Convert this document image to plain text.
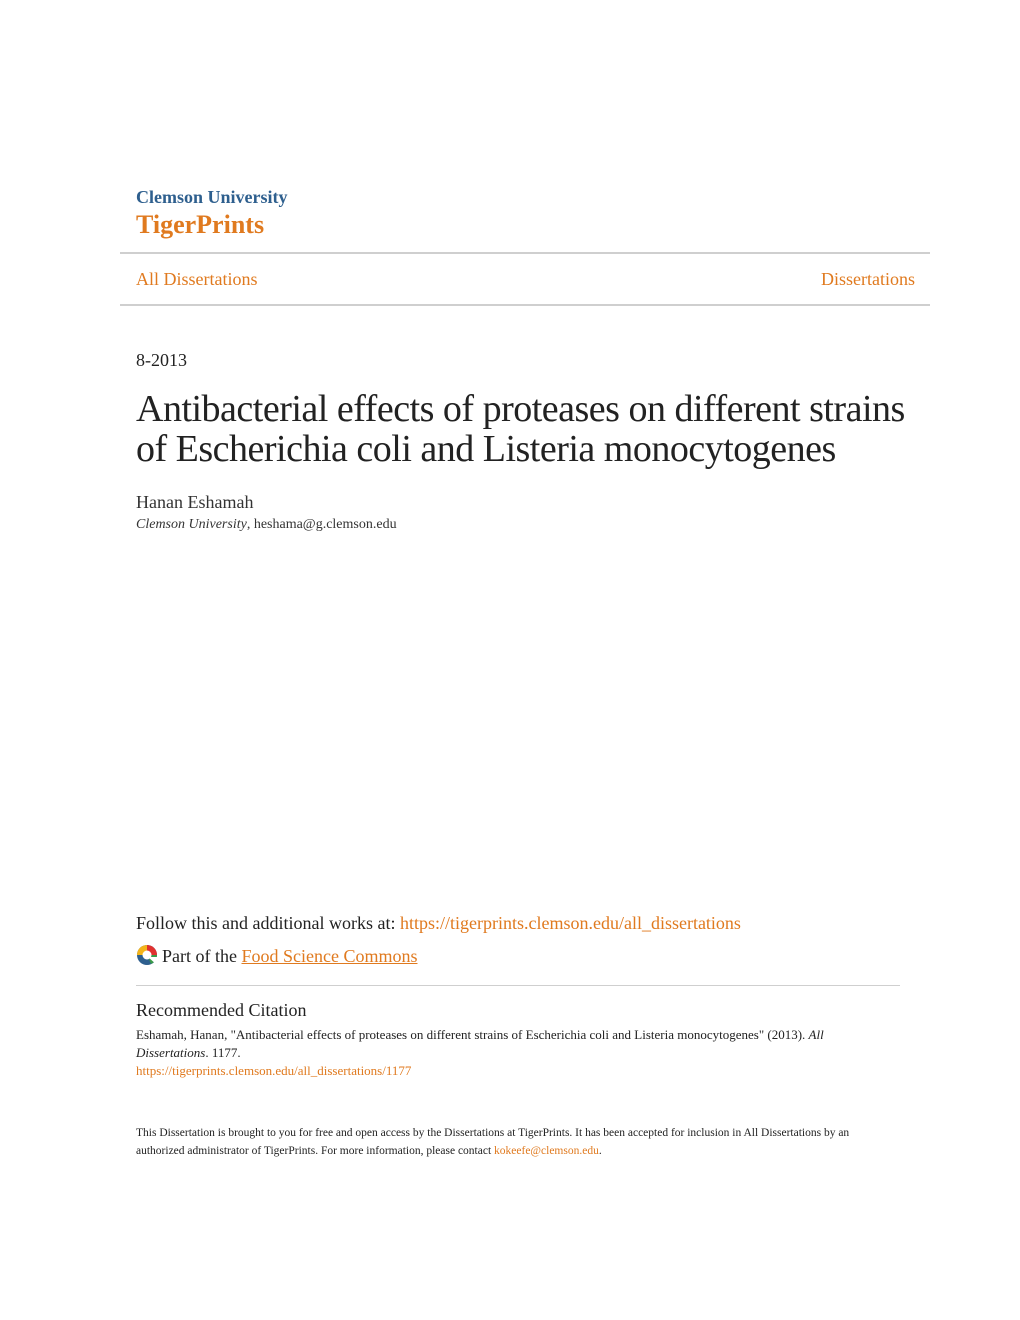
Clemson University
TigerPrints
All Dissertations	Dissertations
8-2013
Antibacterial effects of proteases on different strains of Escherichia coli and Listeria monocytogenes
Hanan Eshamah
Clemson University, heshama@g.clemson.edu
Follow this and additional works at: https://tigerprints.clemson.edu/all_dissertations
Part of the Food Science Commons
Recommended Citation
Eshamah, Hanan, "Antibacterial effects of proteases on different strains of Escherichia coli and Listeria monocytogenes" (2013). All Dissertations. 1177.
https://tigerprints.clemson.edu/all_dissertations/1177
This Dissertation is brought to you for free and open access by the Dissertations at TigerPrints. It has been accepted for inclusion in All Dissertations by an authorized administrator of TigerPrints. For more information, please contact kokeefe@clemson.edu.
